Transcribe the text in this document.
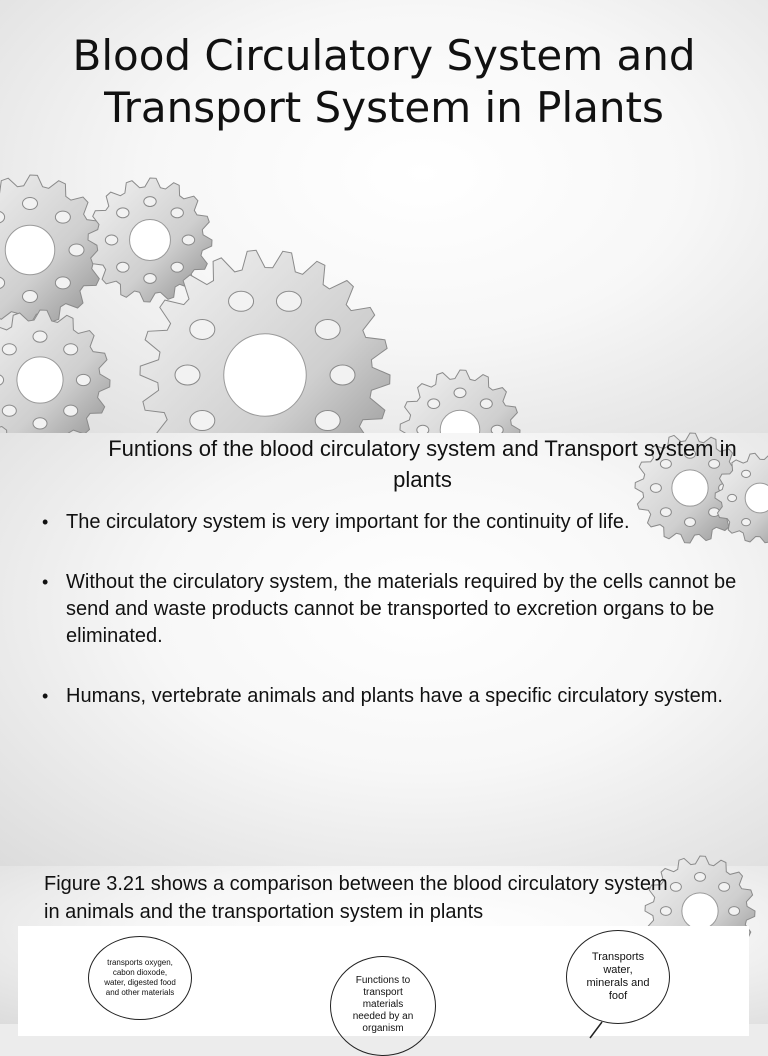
Blood Circulatory System and Transport System in Plants
Funtions of the blood circulatory system and Transport system in plants
• The circulatory system is very important for the continuity of life.
• Without the circulatory system, the materials required by the cells cannot be send and waste products cannot be transported to excretion organs to be eliminated.
• Humans, vertebrate animals and plants have a specific circulatory system.
Figure 3.21 shows a comparison between the blood circulatory system in animals and the transportation system in plants
transports oxygen, cabon dioxode, water, digested food and other materials
Functions to transport materials needed by an organism
Transports water, minerals and foof
